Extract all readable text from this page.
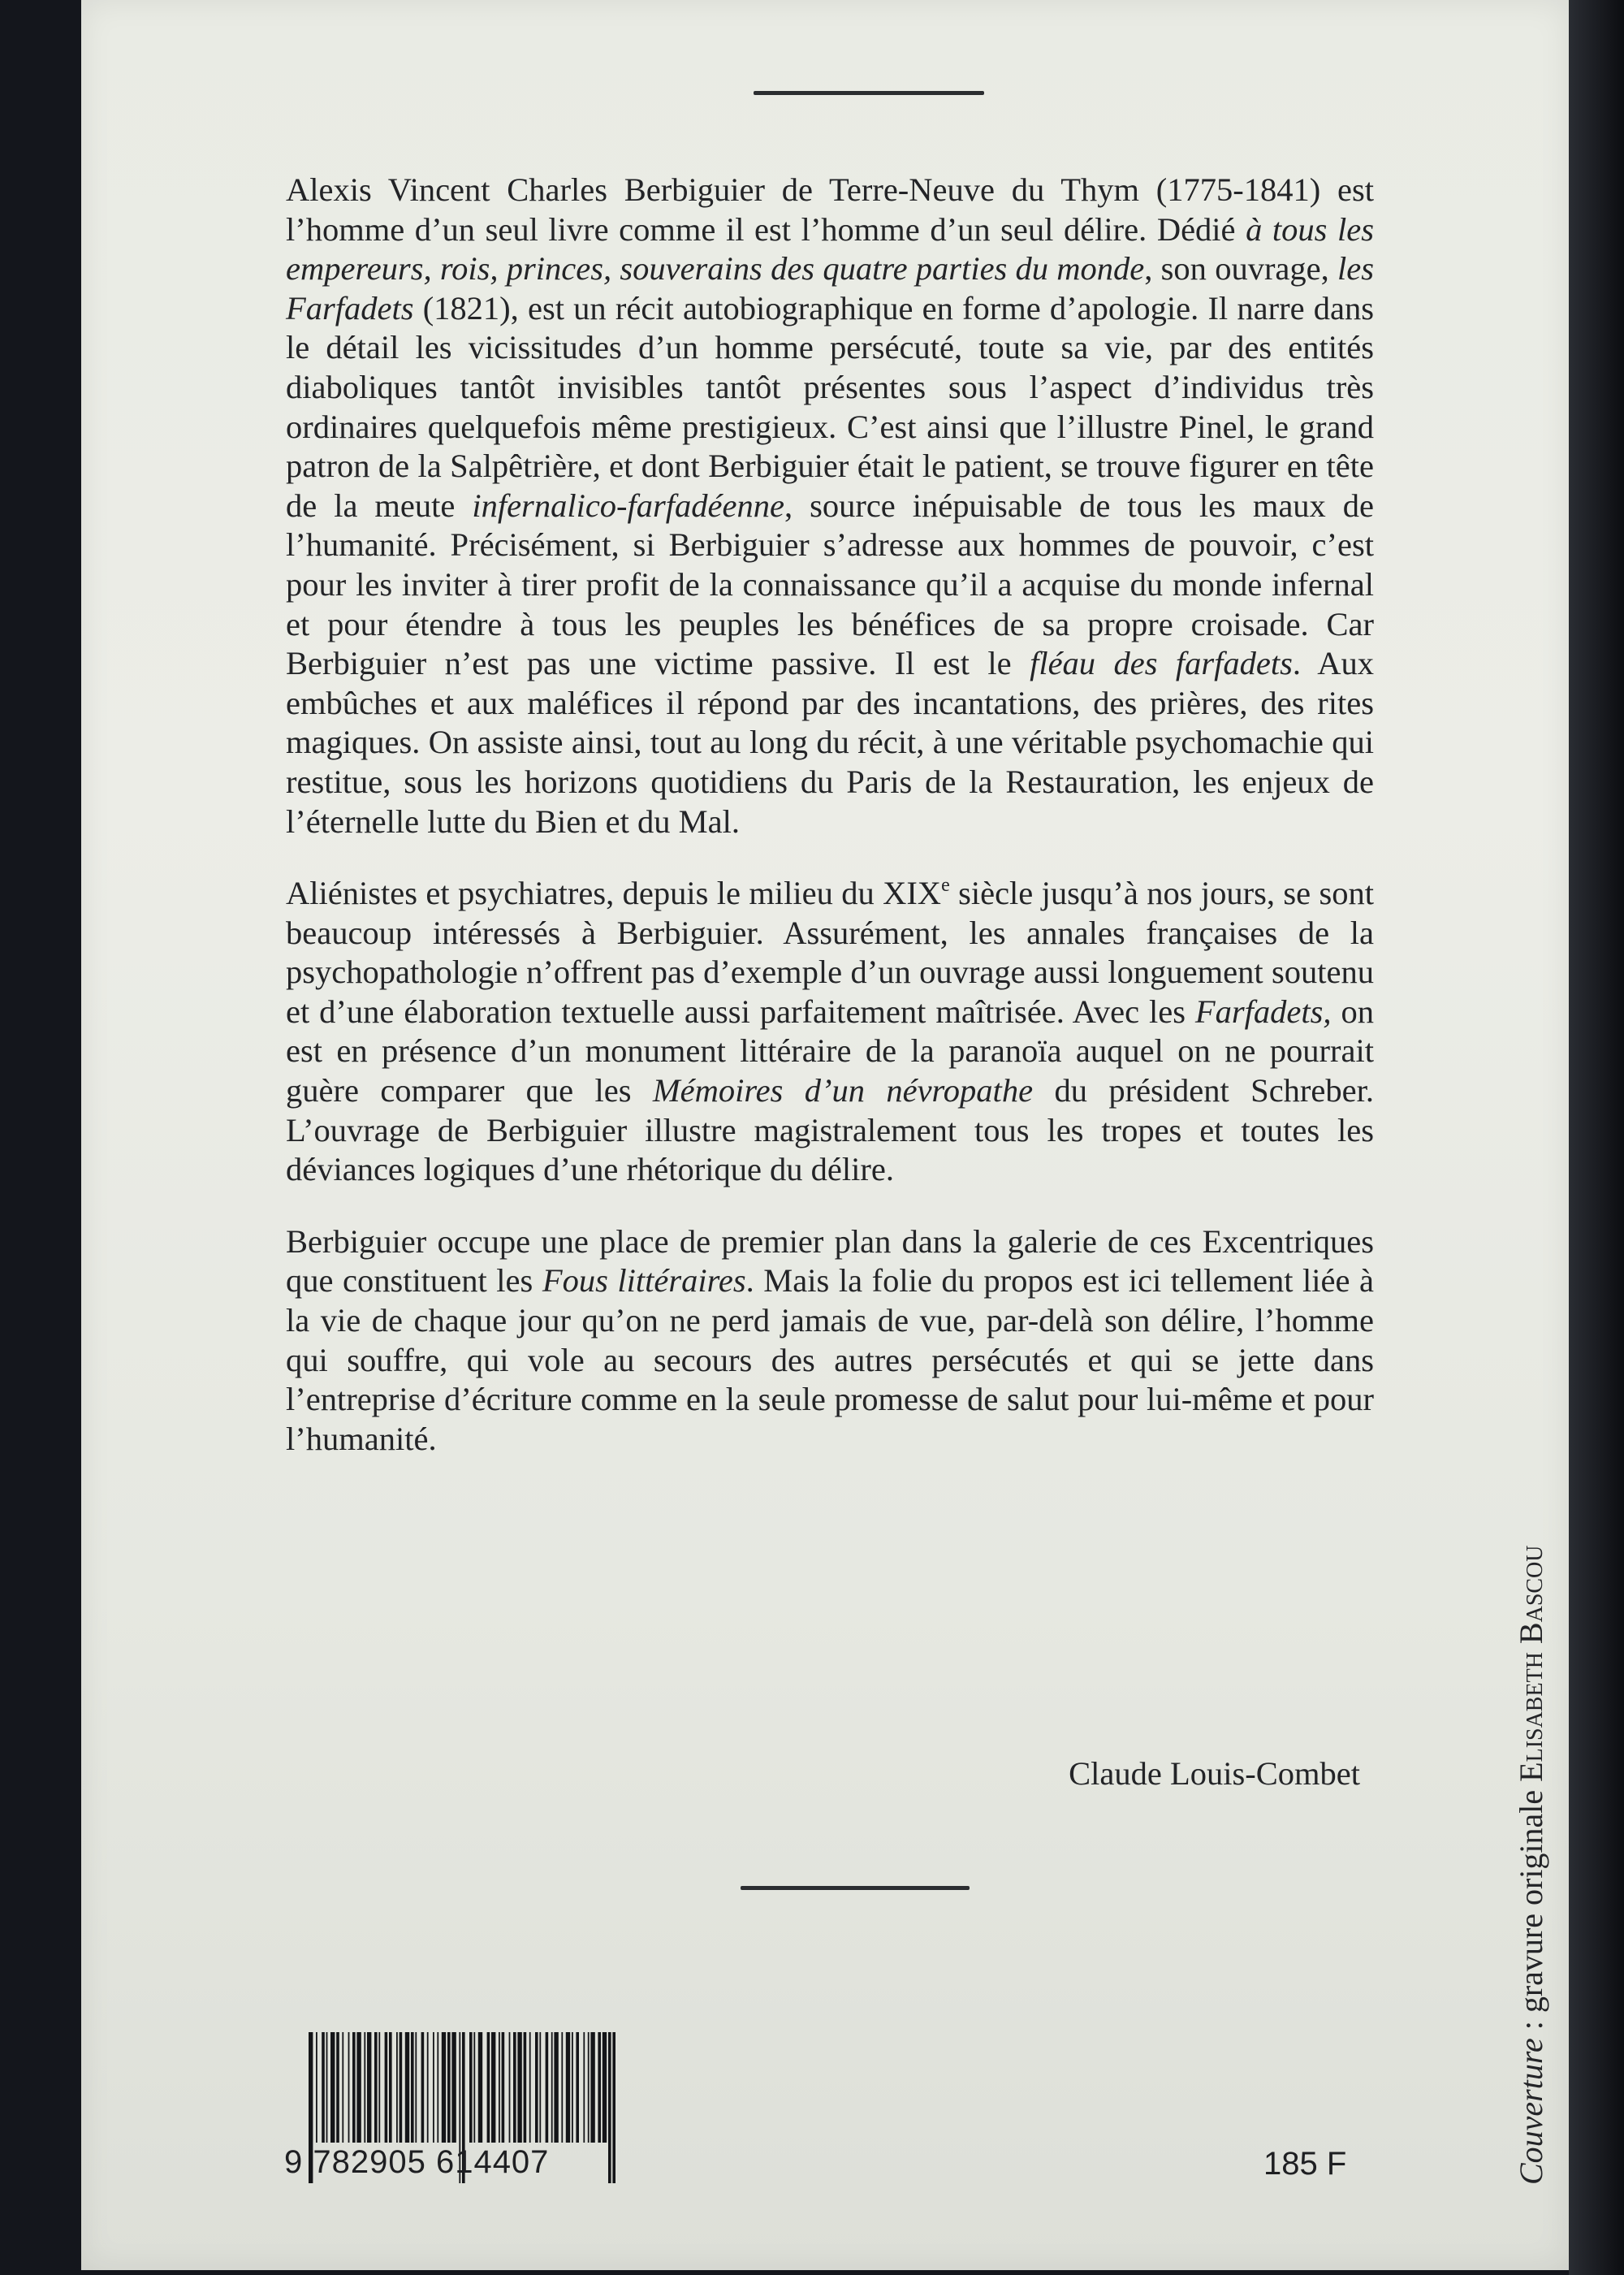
Alexis Vincent Charles Berbiguier de Terre-Neuve du Thym (1775-1841) est l’homme d’un seul livre comme il est l’homme d’un seul délire. Dédié à tous les empereurs, rois, princes, souverains des quatre parties du monde, son ouvrage, les Farfadets (1821), est un récit autobiographique en forme d’apologie. Il narre dans le détail les vicissitudes d’un homme persécuté, toute sa vie, par des entités diaboliques tantôt invisibles tantôt présentes sous l’aspect d’individus très ordinaires quelquefois même prestigieux. C’est ainsi que l’illustre Pinel, le grand patron de la Salpêtrière, et dont Berbiguier était le patient, se trouve figurer en tête de la meute infernalico-farfadéenne, source inépuisable de tous les maux de l’humanité. Précisément, si Berbiguier s’adresse aux hommes de pouvoir, c’est pour les inviter à tirer profit de la connaissance qu’il a acquise du monde infernal et pour étendre à tous les peuples les bénéfices de sa propre croisade. Car Berbiguier n’est pas une victime passive. Il est le fléau des farfadets. Aux embûches et aux maléfices il répond par des incantations, des prières, des rites magiques. On assiste ainsi, tout au long du récit, à une véritable psychomachie qui restitue, sous les horizons quotidiens du Paris de la Restauration, les enjeux de l’éternelle lutte du Bien et du Mal.

Aliénistes et psychiatres, depuis le milieu du XIXe siècle jusqu’à nos jours, se sont beaucoup intéressés à Berbiguier. Assurément, les annales françaises de la psychopathologie n’offrent pas d’exemple d’un ouvrage aussi longuement soutenu et d’une élaboration textuelle aussi parfaitement maîtrisée. Avec les Farfadets, on est en présence d’un monument littéraire de la paranoïa auquel on ne pourrait guère comparer que les Mémoires d’un névropathe du président Schreber. L’ouvrage de Berbiguier illustre magistralement tous les tropes et toutes les déviances logiques d’une rhétorique du délire.

Berbiguier occupe une place de premier plan dans la galerie de ces Excentriques que constituent les Fous littéraires. Mais la folie du propos est ici tellement liée à la vie de chaque jour qu’on ne perd jamais de vue, par-delà son délire, l’homme qui souffre, qui vole au secours des autres persécutés et qui se jette dans l’entreprise d’écriture comme en la seule promesse de salut pour lui-même et pour l’humanité.

Claude Louis-Combet
9 782905 614407	185 F	Couverture : gravure originale Elisabeth Bascou
